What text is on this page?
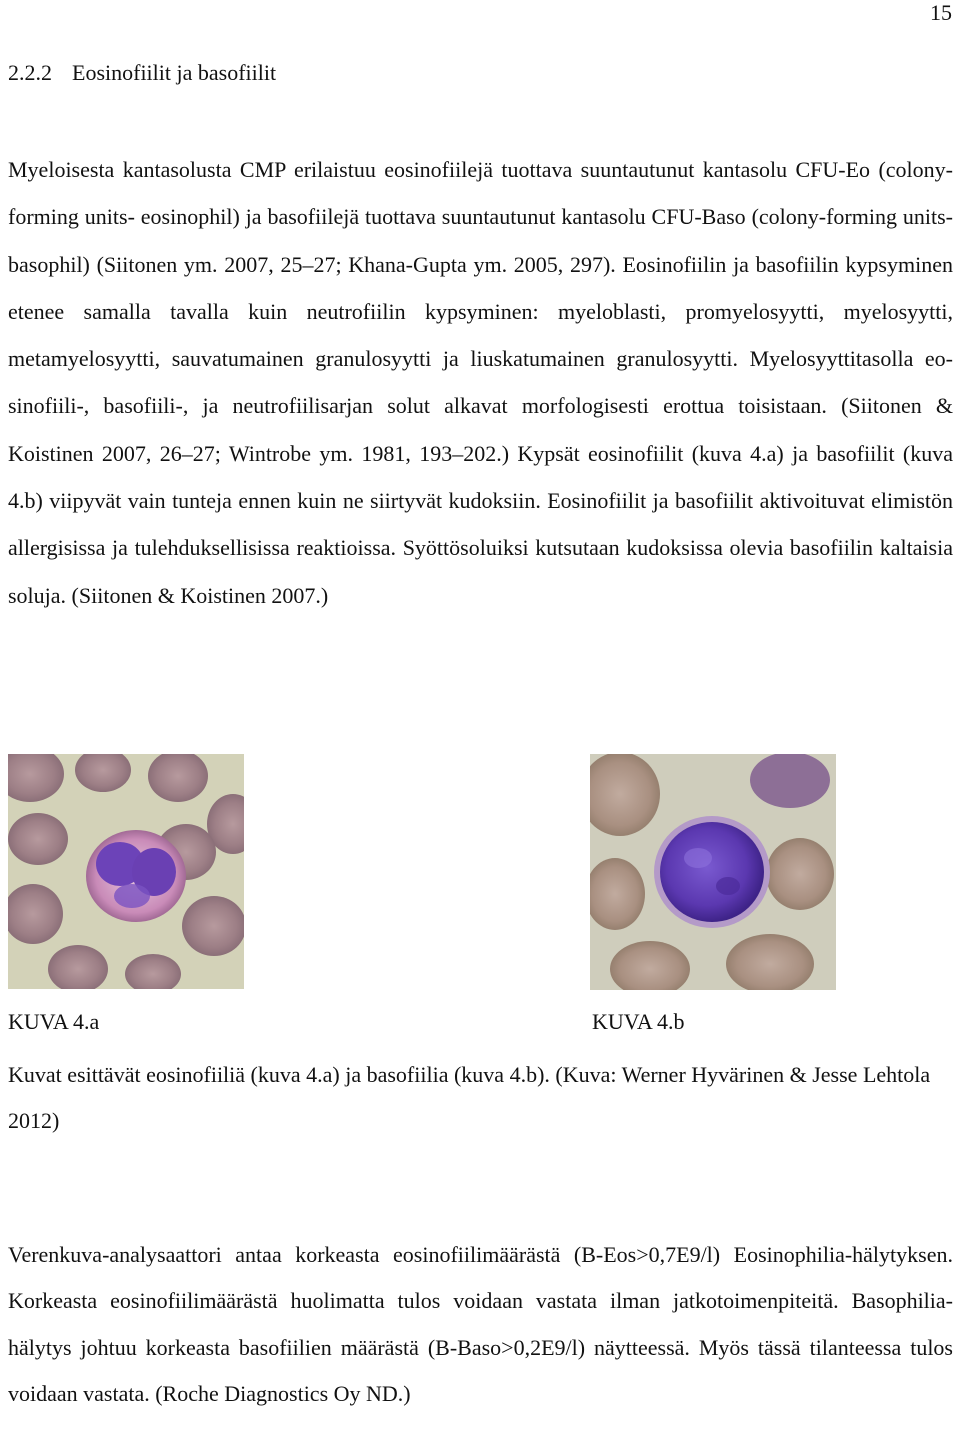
15
2.2.2 Eosinofiilit ja basofiilit

Myeloisesta kantasolusta CMP erilaistuu eosinofiilejä tuottava suuntautunut kantasolu CFU-Eo (colony-forming units- eosinophil) ja basofiilejä tuottava suuntautunut kantasolu CFU-Baso (colony-forming units- basophil) (Siitonen ym. 2007, 25–27; Khana-Gupta ym. 2005, 297). Eosinofiilin ja basofiilin kypsyminen etenee samalla tavalla kuin neutrofiilin kypsyminen: myeloblasti, promyelosyytti, myelosyytti, metamyelosyytti, sauvatumainen granulosyytti ja liuskatumainen granulosyytti. Myelosyyttitasolla eosinofiili-, basofiili-, ja neutrofiilisarjan solut alkavat morfologisesti erottua toisistaan. (Siitonen & Koistinen 2007, 26–27; Wintrobe ym. 1981, 193–202.) Kypsät eosinofiilit (kuva 4.a) ja basofiilit (kuva 4.b) viipyvät vain tunteja ennen kuin ne siirtyvät kudoksiin. Eosinofiilit ja basofiilit aktivoituvat elimistön allergisissa ja tulehduksellisissa reaktioissa. Syöttösoluiksi kutsutaan kudoksissa olevia basofiilin kaltaisia soluja. (Siitonen & Koistinen 2007.)

KUVA 4.a	KUVA 4.b

Kuvat esittävät eosinofiiliä (kuva 4.a) ja basofiilia (kuva 4.b). (Kuva: Werner Hyvärinen & Jesse Lehtola 2012)

Verenkuva-analysaattori antaa korkeasta eosinofiilimäärästä (B-Eos>0,7E9/l) Eosinophilia-hälytyksen. Korkeasta eosinofiilimäärästä huolimatta tulos voidaan vastata ilman jatkotoimenpiteitä. Basophilia-hälytys johtuu korkeasta basofiilien määrästä (B-Baso>0,2E9/l) näytteessä. Myös tässä tilanteessa tulos voidaan vastata. (Roche Diagnostics Oy ND.)
